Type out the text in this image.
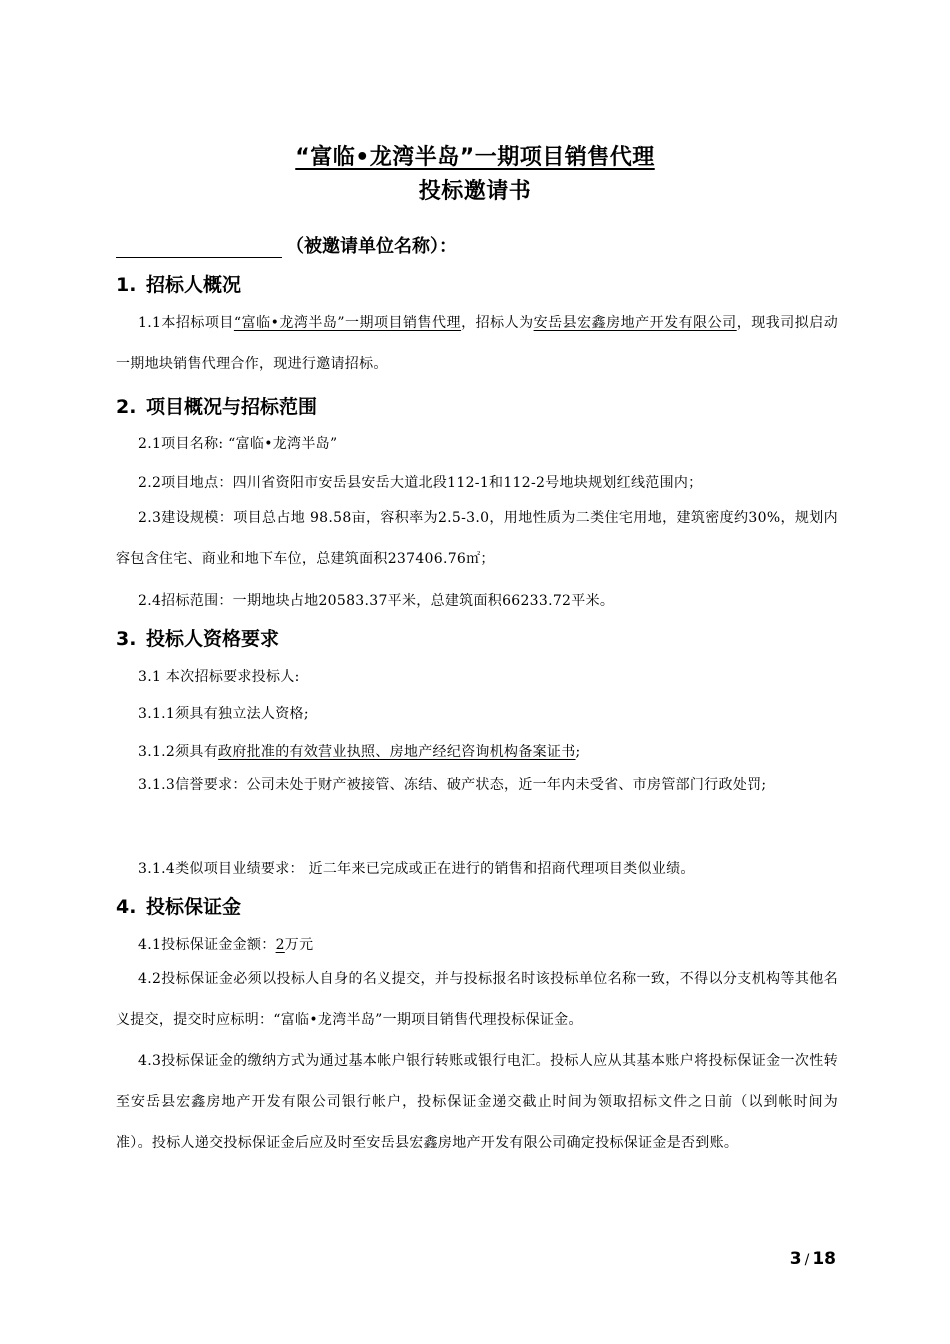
“富临•龙湾半岛”一期项目销售代理
投标邀请书
（被邀请单位名称）：
1. 招标人概况
1.1本招标项目“富临•龙湾半岛”一期项目销售代理，招标人为安岳县宏鑫房地产开发有限公司，现我司拟启动一期地块销售代理合作，现进行邀请招标。
2. 项目概况与招标范围
2.1项目名称: “富临•龙湾半岛”
2.2项目地点：四川省资阳市安岳县安岳大道北段112-1和112-2号地块规划红线范围内；
2.3建设规模：项目总占地 98.58亩，容积率为2.5-3.0，用地性质为二类住宅用地，建筑密度约30%，规划内容包含住宅、商业和地下车位，总建筑面积237406.76㎡；
2.4招标范围：一期地块占地20583.37平米，总建筑面积66233.72平米。
3. 投标人资格要求
3.1 本次招标要求投标人:
3.1.1须具有独立法人资格;
3.1.2须具有政府批准的有效营业执照、房地产经纪咨询机构备案证书;
3.1.3信誉要求：公司未处于财产被接管、冻结、破产状态，近一年内未受省、市房管部门行政处罚;
3.1.4类似项目业绩要求： 近二年来已完成或正在进行的销售和招商代理项目类似业绩。
4. 投标保证金
4.1投标保证金金额：2万元
4.2投标保证金必须以投标人自身的名义提交，并与投标报名时该投标单位名称一致，不得以分支机构等其他名义提交，提交时应标明：“富临•龙湾半岛”一期项目销售代理投标保证金。
4.3投标保证金的缴纳方式为通过基本帐户银行转账或银行电汇。投标人应从其基本账户将投标保证金一次性转至安岳县宏鑫房地产开发有限公司银行帐户，投标保证金递交截止时间为领取招标文件之日前（以到帐时间为准）。投标人递交投标保证金后应及时至安岳县宏鑫房地产开发有限公司确定投标保证金是否到账。
3 / 18
